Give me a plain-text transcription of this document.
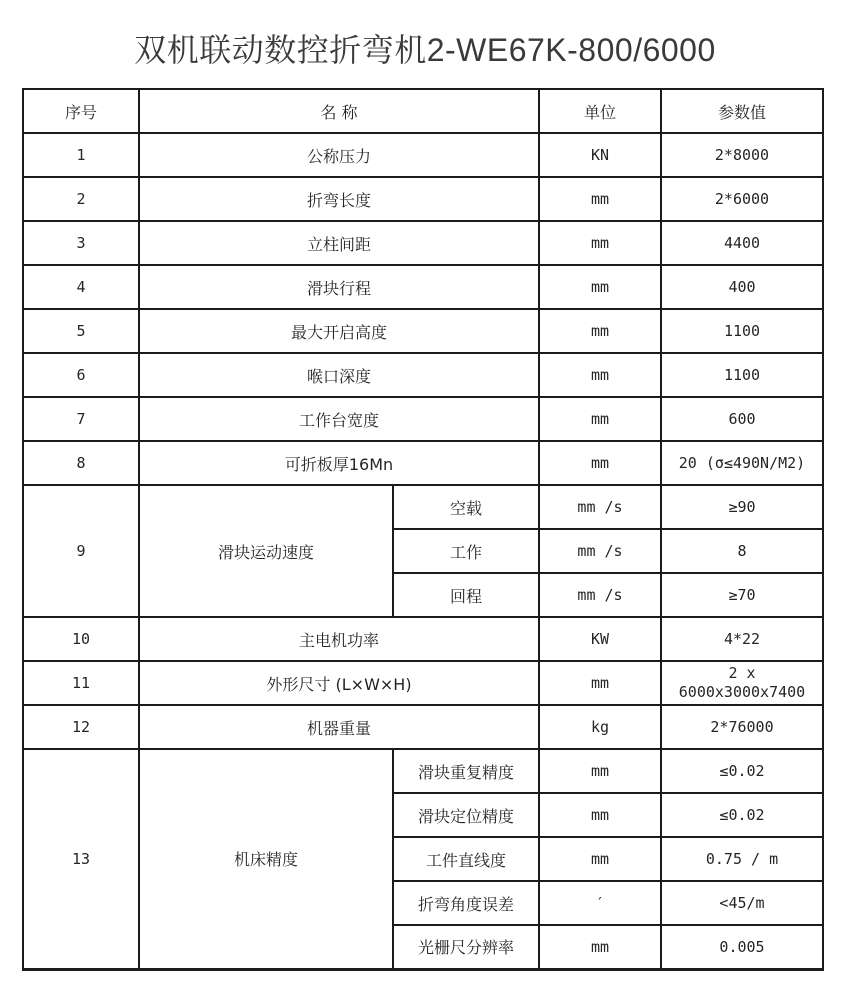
双机联动数控折弯机2-WE67K-800/6000
序号	名 称		单位	参数值
1	公称压力		KN	2*8000
2	折弯长度		mm	2*6000
3	立柱间距		mm	4400
4	滑块行程		mm	400
5	最大开启高度		mm	1100
6	喉口深度		mm	1100
7	工作台宽度		mm	600
8	可折板厚16Mn		mm	20 (σ≤490N/M2)
9	滑块运动速度	空载	mm /s	≥90
		工作	mm /s	8
		回程	mm /s	≥70
10	主电机功率		KW	4*22
11	外形尺寸 (L×W×H)		mm	2 x
6000x3000x7400

12	机器重量		kg	2*76000
13	机床精度	滑块重复精度	mm	≤0.02
		滑块定位精度	mm	≤0.02
		工件直线度	mm	0.75 / m
		折弯角度误差	′	<45/m
		光栅尺分辨率	mm	0.005
